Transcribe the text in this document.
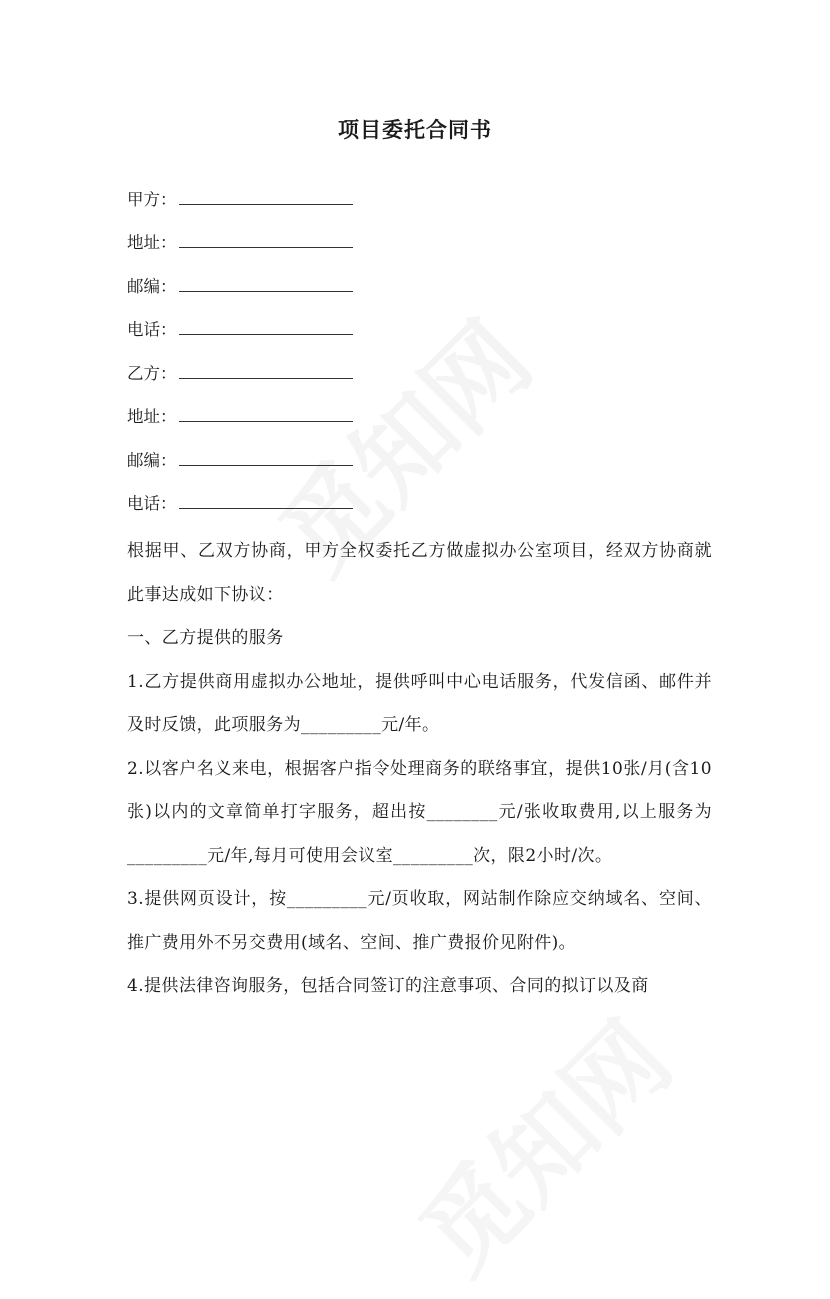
项目委托合同书
甲方：
地址：
邮编：
电话：
乙方：
地址：
邮编：
电话：

根据甲、乙双方协商，甲方全权委托乙方做虚拟办公室项目，经双方协商就此事达成如下协议：

一、乙方提供的服务

1.乙方提供商用虚拟办公地址，提供呼叫中心电话服务，代发信函、邮件并及时反馈，此项服务为_________元/年。

2.以客户名义来电，根据客户指令处理商务的联络事宜，提供10张/月(含10张)以内的文章简单打字服务，超出按________元/张收取费用,以上服务为_________元/年,每月可使用会议室_________次，限2小时/次。

3.提供网页设计，按_________元/页收取，网站制作除应交纳域名、空间、推广费用外不另交费用(域名、空间、推广费报价见附件)。

4.提供法律咨询服务，包括合同签订的注意事项、合同的拟订以及商
